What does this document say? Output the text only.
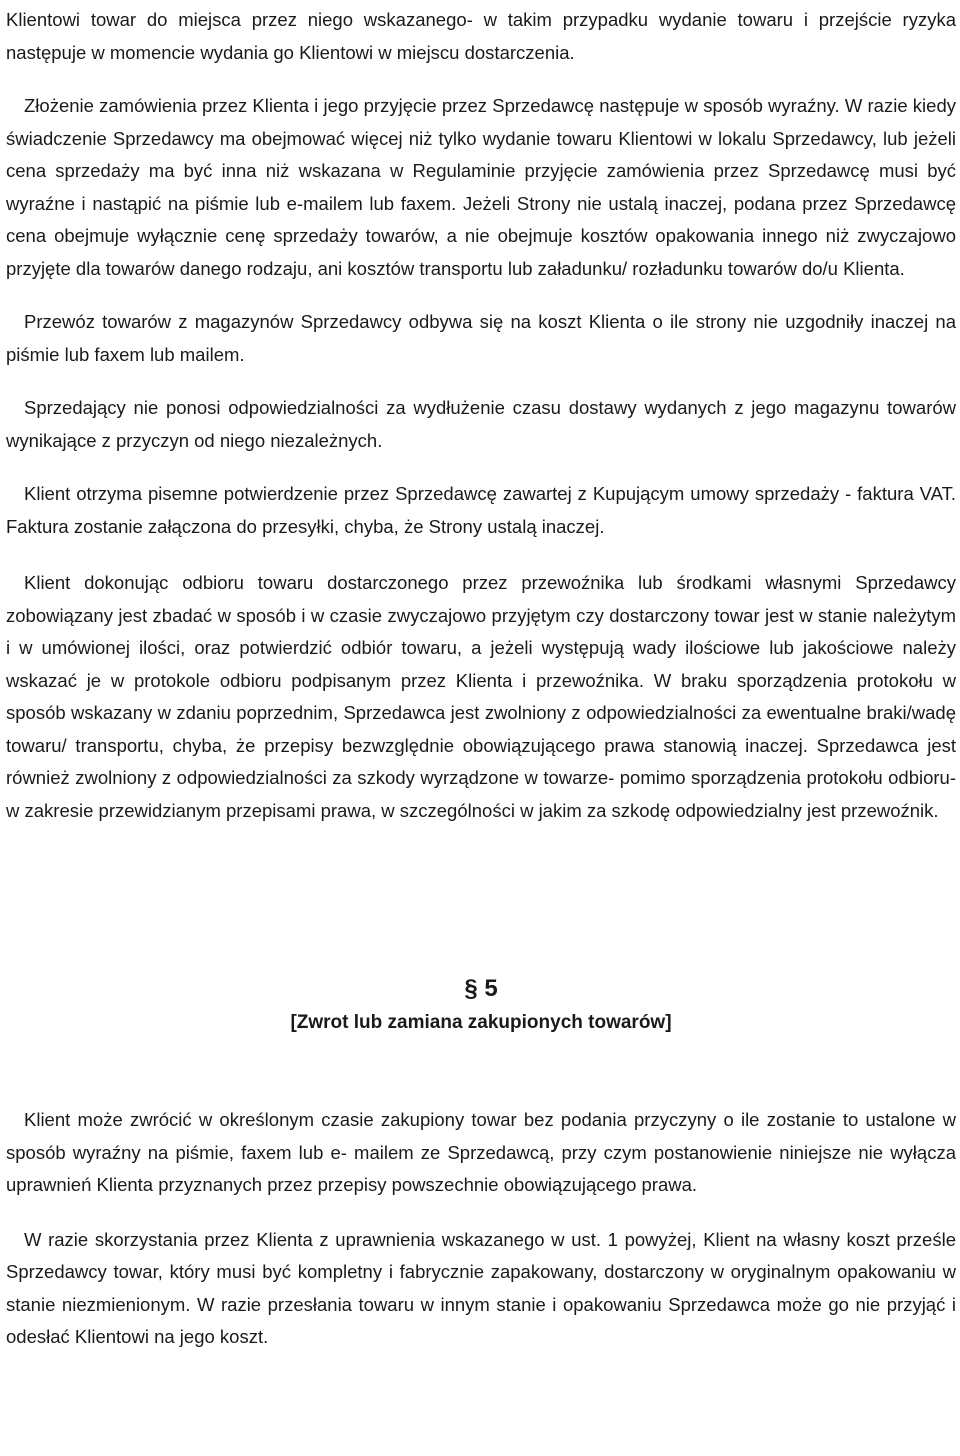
Klientowi towar do miejsca przez niego wskazanego- w takim przypadku wydanie towaru i przejście ryzyka następuje w momencie wydania go Klientowi w miejscu dostarczenia.

Złożenie zamówienia przez Klienta i jego przyjęcie przez Sprzedawcę następuje w sposób wyraźny. W razie kiedy świadczenie Sprzedawcy ma obejmować więcej niż tylko wydanie towaru Klientowi w lokalu Sprzedawcy, lub jeżeli cena sprzedaży ma być inna niż wskazana w Regulaminie przyjęcie zamówienia przez Sprzedawcę musi być wyraźne i nastąpić na piśmie lub e-mailem lub faxem. Jeżeli Strony nie ustalą inaczej, podana przez Sprzedawcę cena obejmuje wyłącznie cenę sprzedaży towarów, a nie obejmuje kosztów opakowania innego niż zwyczajowo przyjęte dla towarów danego rodzaju, ani kosztów transportu lub załadunku/ rozładunku towarów do/u Klienta.

Przewóz towarów z magazynów Sprzedawcy odbywa się na koszt Klienta o ile strony nie uzgodniły inaczej na piśmie lub faxem lub mailem.

Sprzedający nie ponosi odpowiedzialności za wydłużenie czasu dostawy wydanych z jego magazynu towarów wynikające z przyczyn od niego niezależnych.

Klient otrzyma pisemne potwierdzenie przez Sprzedawcę zawartej z Kupującym umowy sprzedaży - faktura VAT. Faktura zostanie załączona do przesyłki, chyba, że Strony ustalą inaczej.

Klient dokonując odbioru towaru dostarczonego przez przewoźnika lub środkami własnymi Sprzedawcy zobowiązany jest zbadać w sposób i w czasie zwyczajowo przyjętym czy dostarczony towar jest w stanie należytym i w umówionej ilości, oraz potwierdzić odbiór towaru, a jeżeli występują wady ilościowe lub jakościowe należy wskazać je w protokole odbioru podpisanym przez Klienta i przewoźnika. W braku sporządzenia protokołu w sposób wskazany w zdaniu poprzednim, Sprzedawca jest zwolniony z odpowiedzialności za ewentualne braki/wadę towaru/ transportu, chyba, że przepisy bezwzględnie obowiązującego prawa stanowią inaczej. Sprzedawca jest również zwolniony z odpowiedzialności za szkody wyrządzone w towarze- pomimo sporządzenia protokołu odbioru- w zakresie przewidzianym przepisami prawa, w szczególności w jakim za szkodę odpowiedzialny jest przewoźnik.

§ 5

[Zwrot lub zamiana zakupionych towarów]

Klient może zwrócić w określonym czasie zakupiony towar bez podania przyczyny o ile zostanie to ustalone w sposób wyraźny na piśmie, faxem lub e- mailem ze Sprzedawcą, przy czym postanowienie niniejsze nie wyłącza uprawnień Klienta przyznanych przez przepisy powszechnie obowiązującego prawa.

W razie skorzystania przez Klienta z uprawnienia wskazanego w ust. 1 powyżej, Klient na własny koszt prześle Sprzedawcy towar, który musi być kompletny i fabrycznie zapakowany, dostarczony w oryginalnym opakowaniu w stanie niezmienionym. W razie przesłania towaru w innym stanie i opakowaniu Sprzedawca może go nie przyjąć i odesłać Klientowi na jego koszt.
